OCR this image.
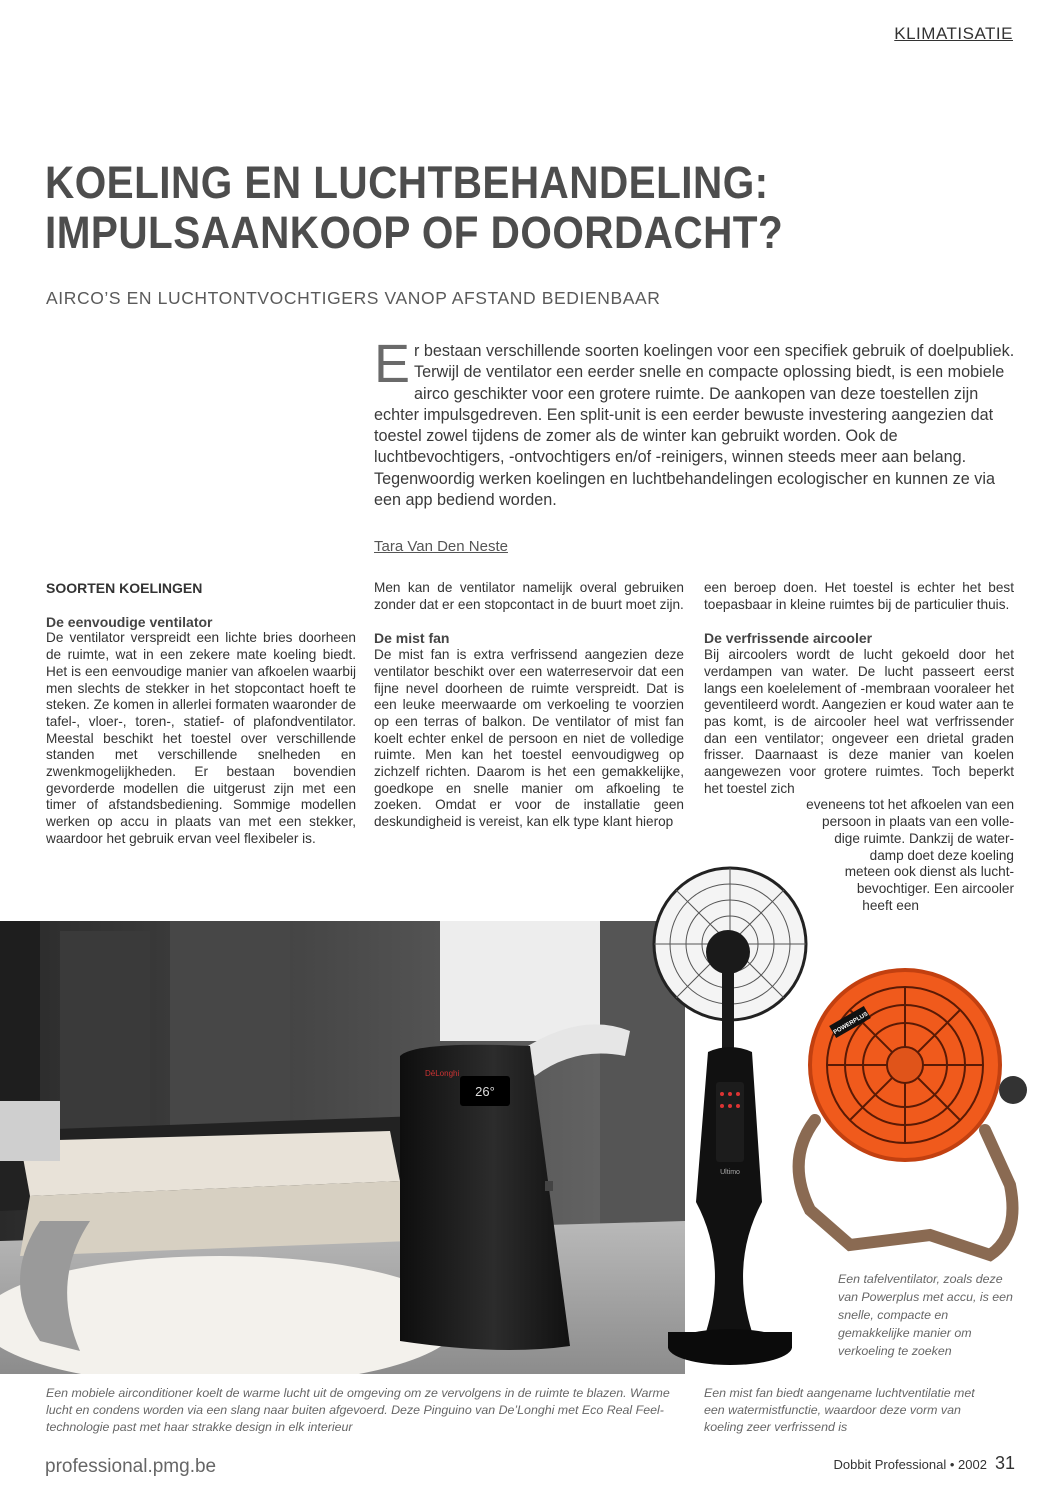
KLIMATISATIE
KOELING EN LUCHTBEHANDELING:
IMPULSAANKOOP OF DOORDACHT?
AIRCO’S EN LUCHTONTVOCHTIGERS VANOP AFSTAND BEDIENBAAR
Er bestaan verschillende soorten koelingen voor een specifiek gebruik of doelpubliek. Terwijl de ventilator een eerder snelle en compacte oplossing biedt, is een mobiele airco geschikter voor een grotere ruimte. De aankopen van deze toestellen zijn echter impulsgedreven. Een split-unit is een eerder bewuste investering aangezien dat toestel zowel tijdens de zomer als de winter kan gebruikt worden. Ook de luchtbevochtigers, -ontvochtigers en/of -reinigers, winnen steeds meer aan belang. Tegenwoordig werken koelingen en luchtbehandelingen ecologischer en kunnen ze via een app bediend worden.
Tara Van Den Neste
SOORTEN KOELINGEN
De eenvoudige ventilator

De ventilator verspreidt een lichte bries doorheen de ruimte, wat in een zekere mate koeling biedt. Het is een eenvoudige manier van afkoelen waarbij men slechts de stekker in het stopcontact hoeft te steken. Ze komen in allerlei formaten waaronder de tafel-, vloer-, toren-, statief- of plafondventilator. Meestal beschikt het toestel over verschillende standen met verschillende snelheden en zwenkmogelijkheden. Er bestaan bovendien gevorderde modellen die uitgerust zijn met een timer of afstandsbediening. Sommige modellen werken op accu in plaats van met een stekker, waardoor het gebruik ervan veel flexibeler is.

Men kan de ventilator namelijk overal gebruiken zonder dat er een stopcontact in de buurt moet zijn.

De mist fan

De mist fan is extra verfrissend aangezien deze ventilator beschikt over een waterreservoir dat een fijne nevel doorheen de ruimte verspreidt. Dat is een leuke meerwaarde om verkoeling te voorzien op een terras of balkon. De ventilator of mist fan koelt echter enkel de persoon en niet de volledige ruimte. Men kan het toestel eenvoudigweg op zichzelf richten. Daarom is het een gemakkelijke, goedkope en snelle manier om afkoeling te zoeken. Omdat er voor de installatie geen deskundigheid is vereist, kan elk type klant hierop

een beroep doen. Het toestel is echter het best toepasbaar in kleine ruimtes bij de particulier thuis.

De verfrissende aircooler

Bij aircoolers wordt de lucht gekoeld door het verdampen van water. De lucht passeert eerst langs een koelelement of -membraan vooraleer het geventileerd wordt. Aangezien er koud water aan te pas komt, is de aircooler heel wat verfrissender dan een ventilator; ongeveer een drietal graden frisser. Daarnaast is deze manier van koelen aangewezen voor grotere ruimtes. Toch beperkt het toestel zich

eveneens tot het afkoelen van een
persoon in plaats van een volle-
dige ruimte. Dankzij de water-
damp doet deze koeling
meteen ook dienst als lucht-
bevochtiger. Een aircooler
heeft een
26°
DēLonghi
Ultimo
POWERPLUS
Een tafelventilator, zoals deze van Powerplus met accu, is een snelle, compacte en gemakkelijke manier om verkoeling te zoeken
Een mobiele airconditioner koelt de warme lucht uit de omgeving om ze vervolgens in de ruimte te blazen. Warme lucht en condens worden via een slang naar buiten afgevoerd. Deze Pinguino van De’Longhi met Eco Real Feel-technologie past met haar strakke design in elk interieur
Een mist fan biedt aangename luchtventilatie met een watermistfunctie, waardoor deze vorm van koeling zeer verfrissend is
professional.pmg.be	Dobbit Professional • 2002 31
